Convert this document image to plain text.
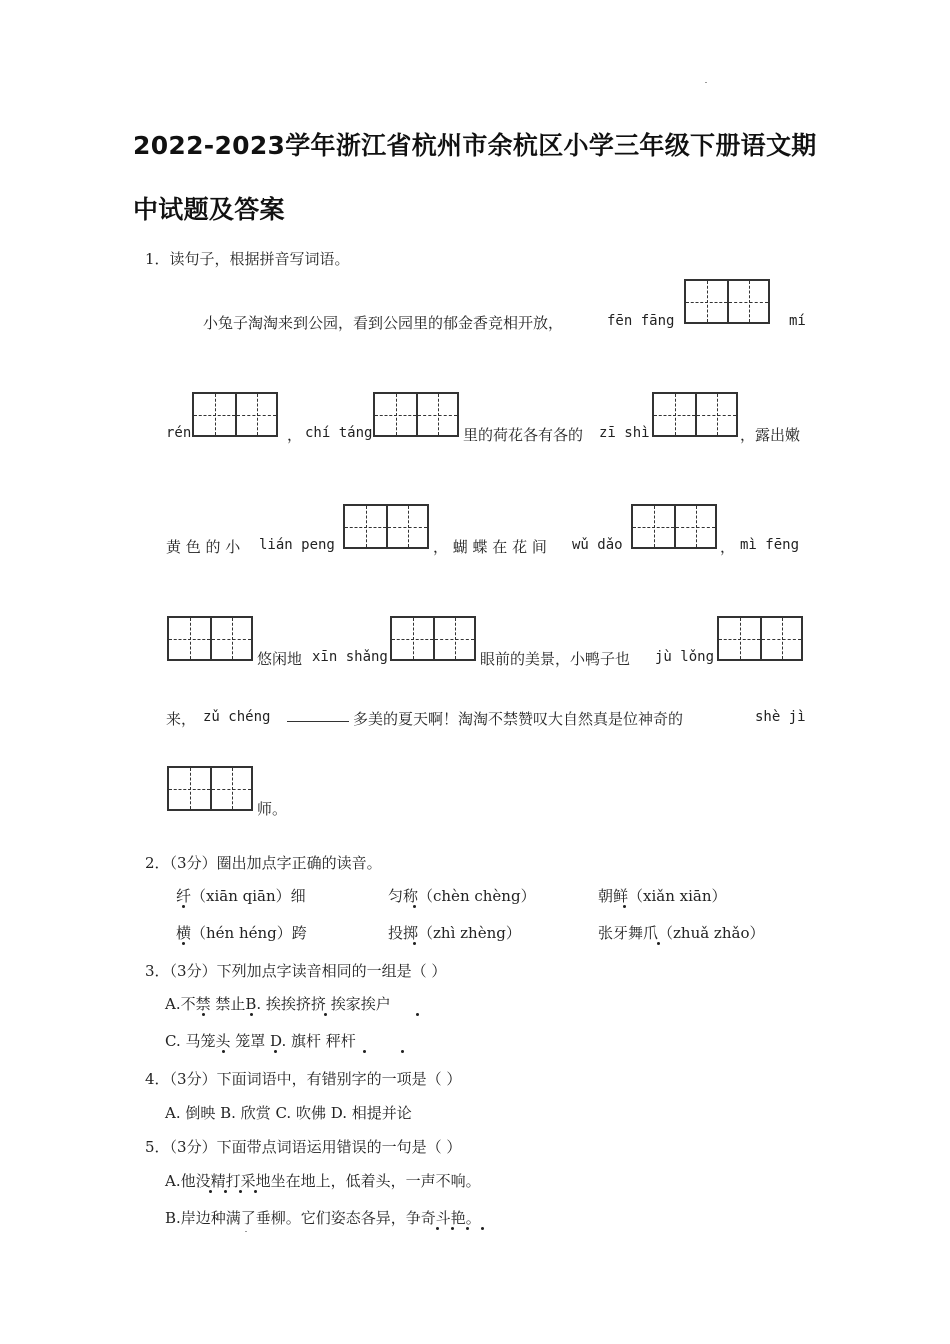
2022-2023学年浙江省杭州市余杭区小学三年级下册语文期
中试题及答案
1．读句子，根据拼音写词语。
小兔子淘淘来到公园，看到公园里的郁金香竞相开放，	fēn fāng	mí
rén	， chí táng	里的荷花各有各的 zī shì	，露出嫩
黄 色 的 小 lián peng	， 蝴 蝶 在 花 间 wǔ dǎo	， mì fēng
悠闲地 xīn shǎng	眼前的美景，小鸭子也 jù lǒng
来， zǔ chéng	多美的夏天啊！淘淘不禁赞叹大自然真是位神奇的	shè jì
师。
2．（3分）圈出加点字正确的读音。
纤（xiān qiān）细	匀称（chèn chèng）	朝鲜（xiǎn xiān）
横（hén héng）跨	投掷（zhì zhèng）	张牙舞爪（zhuǎ zhǎo）
3．（3分）下列加点字读音相同的一组是（ ）
A.不禁 禁止B. 挨挨挤挤 挨家挨户
C. 马笼头 笼罩 D. 旗杆 秤杆
4．（3分）下面词语中，有错别字的一项是（ ）
A. 倒映 B. 欣赏 C. 吹佛 D. 相提并论
5．（3分）下面带点词语运用错误的一句是（ ）
A.他没精打采地坐在地上，低着头，一声不响。
B.岸边种满了垂柳。它们姿态各异，争奇斗艳。
